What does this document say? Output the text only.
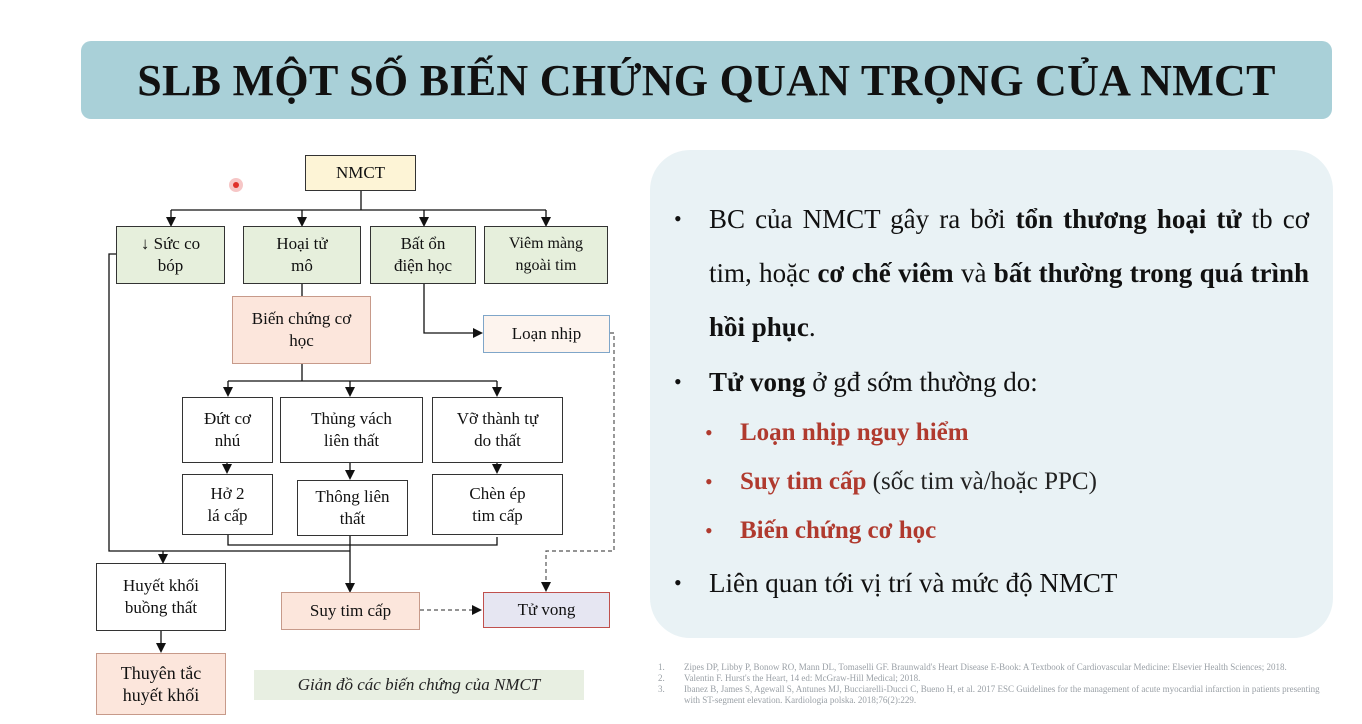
SLB MỘT SỐ BIẾN CHỨNG QUAN TRỌNG CỦA NMCT
NMCT
↓ Sức co bóp
Hoại tử mô
Bất ổn điện học
Viêm màng ngoài tim
Biến chứng cơ học	Loạn nhịp
Đứt cơ nhú
Thủng vách liên thất
Vỡ thành tự do thất
Hở 2 lá cấp
Thông liên thất
Chèn ép tim cấp
Huyết khối buồng thất	Suy tim cấp	Tử vong
Thuyên tắc huyết khối
Giản đồ các biến chứng của NMCT
• BC của NMCT gây ra bởi tổn thương hoại tử tb cơ tim, hoặc cơ chế viêm và bất thường trong quá trình hồi phục.
• Tử vong ở gđ sớm thường do:
• Loạn nhịp nguy hiểm
• Suy tim cấp (sốc tim và/hoặc PPC)
• Biến chứng cơ học
• Liên quan tới vị trí và mức độ NMCT
1. Zipes DP, Libby P, Bonow RO, Mann DL, Tomaselli GF. Braunwald's Heart Disease E-Book: A Textbook of Cardiovascular Medicine: Elsevier Health Sciences; 2018.
2. Valentin F. Hurst's the Heart, 14 ed: McGraw-Hill Medical; 2018.
3. Ibanez B, James S, Agewall S, Antunes MJ, Bucciarelli-Ducci C, Bueno H, et al. 2017 ESC Guidelines for the management of acute myocardial infarction in patients presenting with ST-segment elevation. Kardiologia polska. 2018;76(2):229.
